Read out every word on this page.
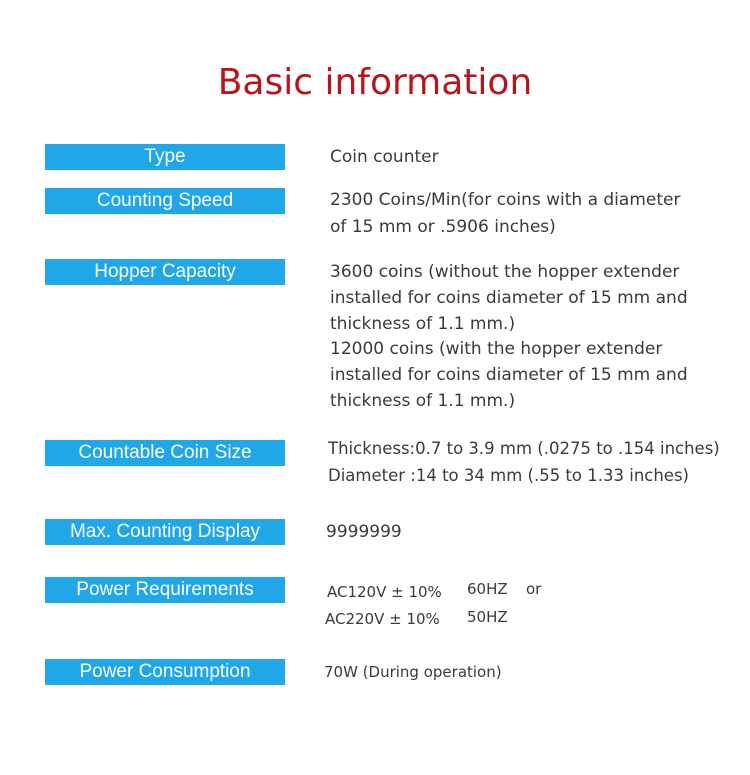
Basic information
Type	Coin counter
Counting Speed	2300 Coins/Min(for coins with a diameter
of 15 mm or .5906 inches)
Hopper Capacity	3600 coins (without the hopper extender
installed for coins diameter of 15 mm and
thickness of 1.1 mm.)
12000 coins (with the hopper extender
installed for coins diameter of 15 mm and
thickness of 1.1 mm.)
Countable Coin Size	Thickness:0.7 to 3.9 mm (.0275 to .154 inches)
Diameter :14 to 34 mm (.55 to 1.33 inches)
Max. Counting Display	9999999
Power Requirements	AC120V ± 10% 60HZ or
AC220V ± 10% 50HZ
Power Consumption	70W (During operation)
